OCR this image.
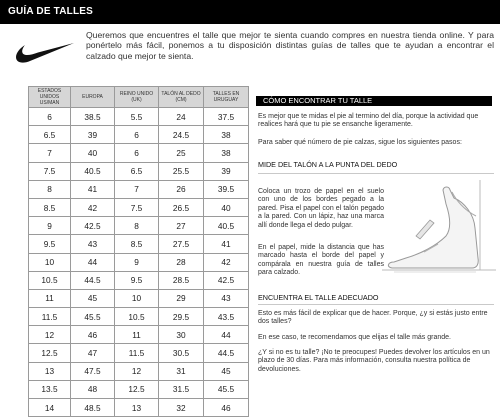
GUÍA DE TALLES
Queremos que encuentres el talle que mejor te sienta cuando compres en nuestra tienda online. Y para ponértelo más fácil, ponemos a tu disposición distintas guías de talles que te ayudan a encontrar el calzado que mejor te sienta.
ESTADOS UNIDOS US/MAN	EUROPA	REINO UNIDO (UK)	TALÓN AL DEDO (CM)	TALLES EN URUGUAY
6	38.5	5.5	24	37.5
6.5	39	6	24.5	38
7	40	6	25	38
7.5	40.5	6.5	25.5	39
8	41	7	26	39.5
8.5	42	7.5	26.5	40
9	42.5	8	27	40.5
9.5	43	8.5	27.5	41
10	44	9	28	42
10.5	44.5	9.5	28.5	42.5
11	45	10	29	43
11.5	45.5	10.5	29.5	43.5
12	46	11	30	44
12.5	47	11.5	30.5	44.5
13	47.5	12	31	45
13.5	48	12.5	31.5	45.5
14	48.5	13	32	46
CÓMO ENCONTRAR TU TALLE
Es mejor que te midas el pie al termino del día, porque la actividad que realices hará que tu pie se ensanche ligeramente.
Para saber qué número de pie calzas, sigue los siguientes pasos:
MIDE DEL TALÓN A LA PUNTA DEL DEDO
Coloca un trozo de papel en el suelo con uno de los bordes pegado a la pared. Pisa el papel con el talón pegado a la pared. Con un lápiz, haz una marca allí donde llega el dedo pulgar.
En el papel, mide la distancia que has marcado hasta el borde del papel y compárala en nuestra guía de talles para calzado.
ENCUENTRA EL TALLE ADECUADO
Esto es más fácil de explicar que de hacer. Porque, ¿y si estás justo entre dos talles?
En ese caso, te recomendamos que elijas el talle más grande.
¿Y si no es tu talle? ¡No te preocupes! Puedes devolver los artículos en un plazo de 30 días. Para más información, consulta nuestra política de devoluciones.
